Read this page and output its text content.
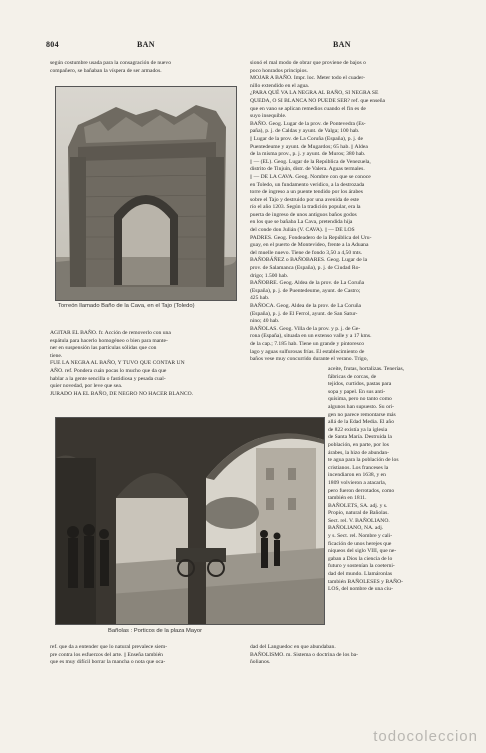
804	BAN	BAN
según costumbre usada para la consagración de nuevo
compañero, se bañaban la víspera de ser armados.
Torreón llamado Baño de la Cava, en el Tajo (Toledo)
AGITAR EL BAÑO. fr. Acción de removerlo con una
espátula para hacerlo homogéneo o bien para mante-
ner en suspensión las partículas sólidas que con
tiene.
FUE LA NEGRA AL BAÑO, Y TUVO QUE CONTAR UN
AÑO. ref. Pondera cuán pocas lo mucho que da que
hablar a la gente sencilla o fastidiosa y pesada cual-
quier novedad, por leve que sea.
JURADO HA EL BAÑO, DE NEGRO NO HACER BLANCO.
Bañolas : Porticos de la plaza Mayor
ref. que da a entender que lo natural prevalece siem-
pre contra los esfuerzos del arte. || Enseña también
que es muy difícil borrar la mancha o nota que oca-
sionó el mal modo de obrar que proviene de bajos o
poco honrados principios.
MOJAR A BAÑO. Impr. loc. Meter todo el cuader-
nillo extendido en el agua.
¿PARA QUÉ VA LA NEGRA AL BAÑO, SI NEGRA SE
QUEDA, O SI BLANCA NO PUEDE SER? ref. que enseña
que en vano se aplican remedios cuando el fin es de
suyo insequible.
BAÑO. Geog. Lugar de la prov. de Pontevedra (Es-
paña), p. j. de Caldas y ayunt. de Valga; 100 hab.
|| Lugar de la prov. de La Coruña (España), p. j. de
Puentedeume y ayunt. de Mugardos; 65 hab. || Aldea
de la misma prov., p. j. y ayunt. de Muros; 380 hab.
|| — (EL). Geog. Lugar de la República de Venezuela,
distrito de Tinjuin, distr. de Valera. Aguas termales.
|| — DE LA CAVA. Geog. Nombre con que se conoce
en Toledo, un fundamento veridico, a la destrozada
torre de ingreso a un puente tendido por los árabes
sobre el Tajo y destruido por una avenida de este
río el año 1203. Según la tradición popular, era la
puerta de ingreso de unos antiguos baños godos
en los que se bañaba La Cava, pretendida hija
del conde don Julián (V. CAVA). || — DE LOS
PADRES. Geog. Fondeadero de la República del Uru-
guay, en el puerto de Montevideo, frente a la Aduana
del muelle nuevo. Tiene de fondo 3,50 a 4,50 mts.
BAÑOBÁÑEZ o BAÑOBARES. Geog. Lugar de la
prov. de Salamanca (España), p. j. de Ciudad Ro-
drigo; 1.500 hab.
BAÑOBRE. Geog. Aldea de la prov. de La Coruña
(España), p. j. de Puentedeume, ayunt. de Castro;
425 hab.
BAÑOCA. Geog. Aldea de la prov. de La Coruña
(España), p. j. de El Ferrol, ayunt. de San Satur-
nino; 40 hab.
BAÑOLAS. Geog. Villa de la prov. y p. j. de Ge-
rona (España), situada en un extenso valle y a 17 kms.
de la cap.; 7.185 hab. Tiene un grande y pintoresco
lago y aguas sulfurosas frías. El establecimiento de
baños vese muy concurrido durante el verano. Trigo,
aceite, frutas, hortalizas. Tenerías,
fábricas de corcas, de
tejidos, curtidos, pastas para
sopa y papel. En sus anti-
quísima, pero no tanto como
algunos han supuesto. Su ori-
gen no parece remontarse más
allá de la Edad Media. El año
de 822 existía ya la iglesia
de Santa María. Destruida la
población, en parte, por los
árabes, la hizo de abundan-
te agua para la población de los
cristianos. Los franceses la
incendiaron en 1638, y en
1809 volvieron a atacarla,
pero fueron derrotados, como
también en 1811.
BAÑOLETS, SA. adj. y s.
Propio, natural de Bañolas.
Sect. rel. V. BAÑOLIANO.
BAÑOLIANO, NA. adj.
y s. Sect. rel. Nombre y cali-
ficación de unos herejes que
niqueos del siglo VIII, que ne-
gaban a Dios la ciencia de lo
futuro y sostenían la coeterni-
dad del mundo. Llamáronlas
también BAÑOLESES y BAÑO-
LOS, del nombre de una ciu-
dad del Languedoc en que abundaban.
BAÑOLISMO. m. Sistema o doctrina de los ba-
ñolianos.
todocoleccion
